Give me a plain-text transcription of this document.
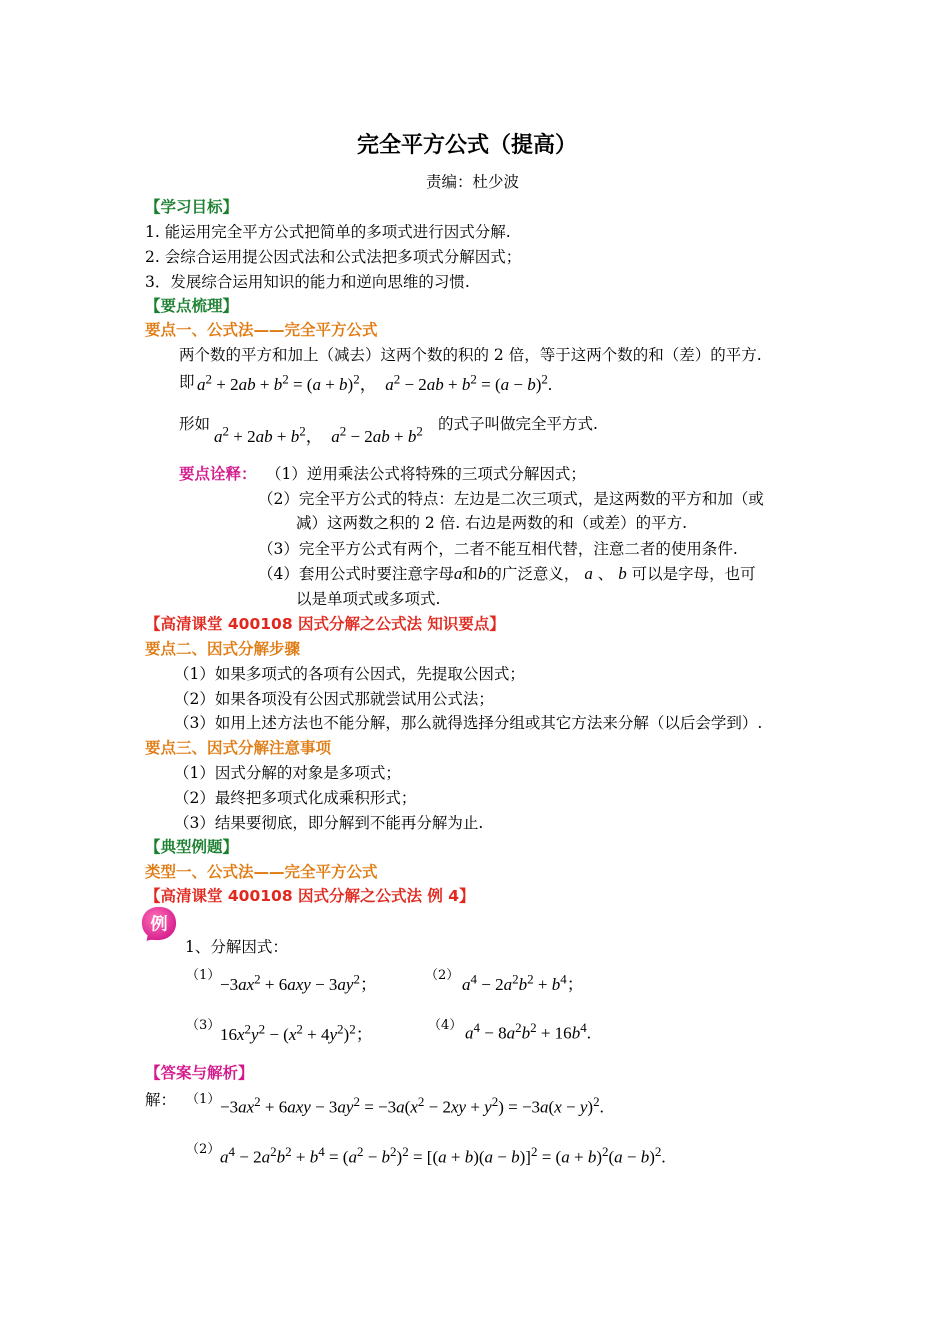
完全平方公式（提高）
责编：杜少波
【学习目标】
1. 能运用完全平方公式把简单的多项式进行因式分解.
2. 会综合运用提公因式法和公式法把多项式分解因式；
3．发展综合运用知识的能力和逆向思维的习惯.
【要点梳理】
要点一、公式法——完全平方公式
两个数的平方和加上（减去）这两个数的积的 2 倍，等于这两个数的和（差）的平方.
即 $a^2 + 2ab + b^2 = (a + b)^2$，  $a^2 - 2ab + b^2 = (a - b)^2$.
形如
$a^2 + 2ab + b^2$，  $a^2 - 2ab + b^2$ 的式子叫做完全平方式.
要点诠释： （1）逆用乘法公式将特殊的三项式分解因式；
（2）完全平方公式的特点：左边是二次三项式，是这两数的平方和加（或
减）这两数之积的 2 倍. 右边是两数的和（或差）的平方.
（3）完全平方公式有两个，二者不能互相代替，注意二者的使用条件.
（4）套用公式时要注意字母a和b的广泛意义， a 、 b 可以是字母，也可
以是单项式或多项式.
【高清课堂 400108 因式分解之公式法 知识要点】
要点二、因式分解步骤
（1）如果多项式的各项有公因式，先提取公因式；
（2）如果各项没有公因式那就尝试用公式法；
（3）如用上述方法也不能分解，那么就得选择分组或其它方法来分解（以后会学到）.
要点三、因式分解注意事项
（1）因式分解的对象是多项式；
（2）最终把多项式化成乘积形式；
（3）结果要彻底，即分解到不能再分解为止.
【典型例题】
类型一、公式法——完全平方公式
【高清课堂 400108 因式分解之公式法 例 4】
例
1、分解因式：
$(1) -3ax^2 + 6axy - 3ay^2$；	（2） $a^4 - 2a^2b^2 + b^4$；
（3） $16x^2y^2 - (x^2 + 4y^2)^2$；	（4） $a^4 - 8a^2b^2 + 16b^4$.
【答案与解析】
解： $(1) -3ax^2 + 6axy - 3ay^2 = -3a(x^2 - 2xy + y^2) = -3a(x - y)^2$.
（2） $a^4 - 2a^2b^2 + b^4 = (a^2 - b^2)^2 = [(a + b)(a - b)]^2 = (a + b)^2(a - b)^2$.
